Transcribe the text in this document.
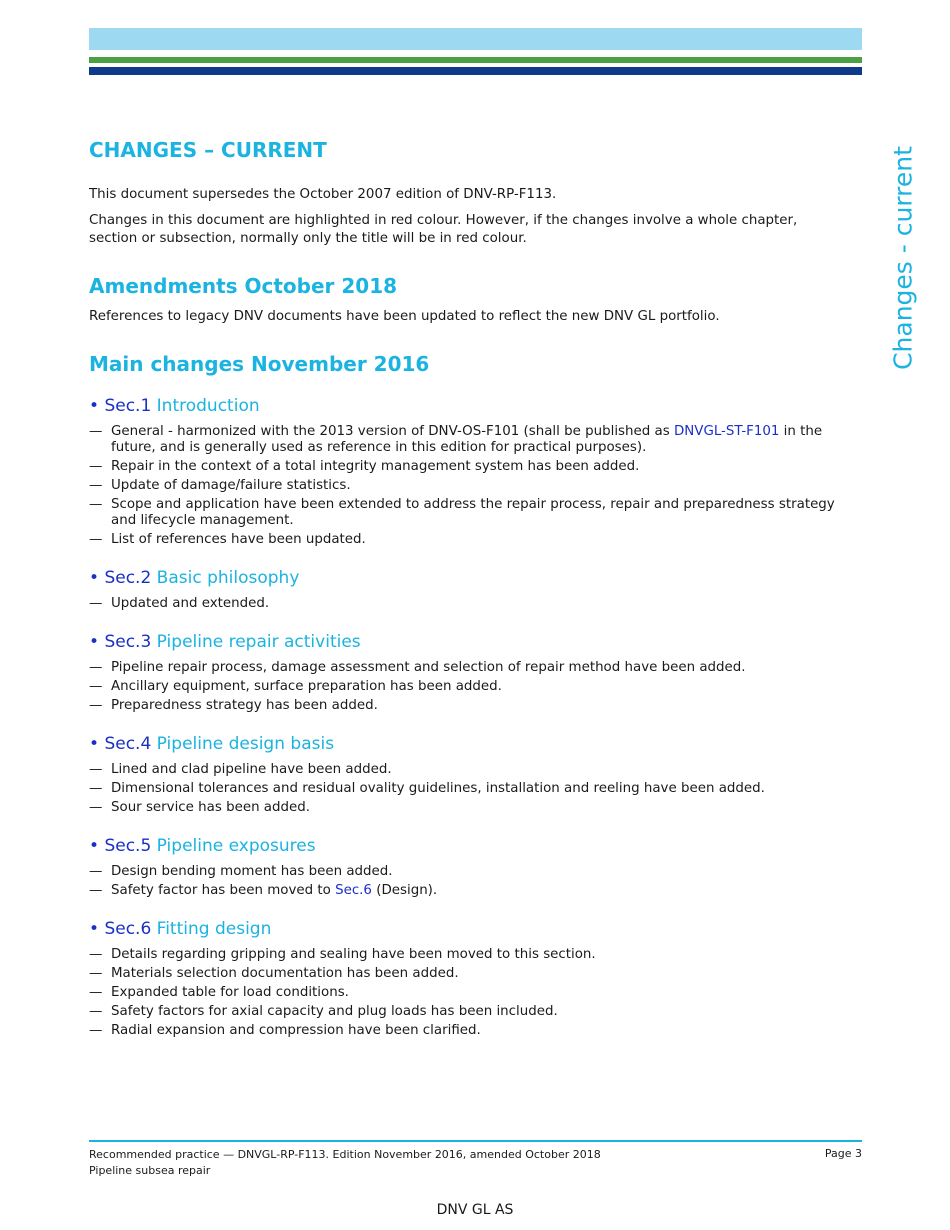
Changes - current
CHANGES – CURRENT

This document supersedes the October 2007 edition of DNV-RP-F113.

Changes in this document are highlighted in red colour. However, if the changes involve a whole chapter, section or subsection, normally only the title will be in red colour.

Amendments October 2018

References to legacy DNV documents have been updated to reflect the new DNV GL portfolio.

Main changes November 2016
• Sec.1 Introduction
— General - harmonized with the 2013 version of DNV-OS-F101 (shall be published as DNVGL-ST-F101 in the future, and is generally used as reference in this edition for practical purposes).
— Repair in the context of a total integrity management system has been added.
— Update of damage/failure statistics.
— Scope and application have been extended to address the repair process, repair and preparedness strategy and lifecycle management.
— List of references have been updated.
• Sec.2 Basic philosophy
— Updated and extended.
• Sec.3 Pipeline repair activities
— Pipeline repair process, damage assessment and selection of repair method have been added.
— Ancillary equipment, surface preparation has been added.
— Preparedness strategy has been added.
• Sec.4 Pipeline design basis
— Lined and clad pipeline have been added.
— Dimensional tolerances and residual ovality guidelines, installation and reeling have been added.
— Sour service has been added.
• Sec.5 Pipeline exposures
— Design bending moment has been added.
— Safety factor has been moved to Sec.6 (Design).
• Sec.6 Fitting design
— Details regarding gripping and sealing have been moved to this section.
— Materials selection documentation has been added.
— Expanded table for load conditions.
— Safety factors for axial capacity and plug loads has been included.
— Radial expansion and compression have been clarified.
Recommended practice — DNVGL-RP-F113. Edition November 2016, amended October 2018
Pipeline subsea repair
Page 3
DNV GL AS
